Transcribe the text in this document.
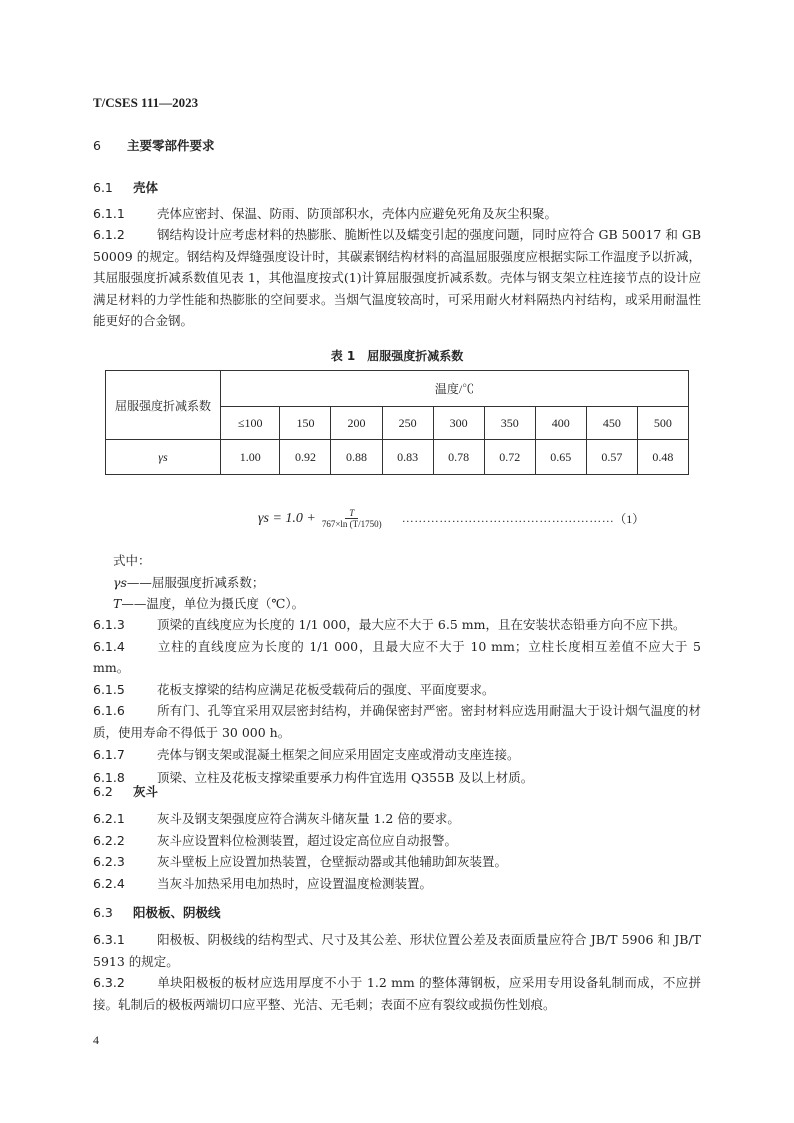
T/CSES 111—2023
6 主要零部件要求
6.1 壳体
6.1.1	壳体应密封、保温、防雨、防顶部积水，壳体内应避免死角及灰尘积聚。
6.1.2	钢结构设计应考虑材料的热膨胀、脆断性以及蠕变引起的强度问题，同时应符合 GB 50017 和 GB 50009 的规定。钢结构及焊缝强度设计时，其碳素钢结构材料的高温屈服强度应根据实际工作温度予以折减，其屈服强度折减系数值见表 1，其他温度按式(1)计算屈服强度折减系数。壳体与钢支架立柱连接节点的设计应满足材料的力学性能和热膨胀的空间要求。当烟气温度较高时，可采用耐火材料隔热内衬结构，或采用耐温性能更好的合金钢。
表 1　屈服强度折减系数
屈服强度折减系数	温度/℃								
	≤100	150	200	250	300	350	400	450	500
γs	1.00	0.92	0.88	0.83	0.78	0.72	0.65	0.57	0.48
$\gamma s = 1.0 + \frac{T}{767\times\ln (T/1750)}$ …………………………………………… （1）
式中：
γs——屈服强度折减系数；
T——温度，单位为摄氏度（℃）。
6.1.3	顶梁的直线度应为长度的 1/1 000，最大应不大于 6.5 mm，且在安装状态铅垂方向不应下拱。
6.1.4	立柱的直线度应为长度的 1/1 000，且最大应不大于 10 mm；立柱长度相互差值不应大于 5 mm。
6.1.5	花板支撑梁的结构应满足花板受载荷后的强度、平面度要求。
6.1.6	所有门、孔等宜采用双层密封结构，并确保密封严密。密封材料应选用耐温大于设计烟气温度的材质，使用寿命不得低于 30 000 h。
6.1.7	壳体与钢支架或混凝土框架之间应采用固定支座或滑动支座连接。
6.1.8	顶梁、立柱及花板支撑梁重要承力构件宜选用 Q355B 及以上材质。
6.2 灰斗
6.2.1	灰斗及钢支架强度应符合满灰斗储灰量 1.2 倍的要求。
6.2.2	灰斗应设置料位检测装置，超过设定高位应自动报警。
6.2.3	灰斗壁板上应设置加热装置，仓壁振动器或其他辅助卸灰装置。
6.2.4	当灰斗加热采用电加热时，应设置温度检测装置。
6.3 阳极板、阴极线
6.3.1	阳极板、阴极线的结构型式、尺寸及其公差、形状位置公差及表面质量应符合 JB/T 5906 和 JB/T 5913 的规定。
6.3.2	单块阳极板的板材应选用厚度不小于 1.2 mm 的整体薄钢板，应采用专用设备轧制而成，不应拼接。轧制后的极板两端切口应平整、光洁、无毛刺；表面不应有裂纹或损伤性划痕。
4
